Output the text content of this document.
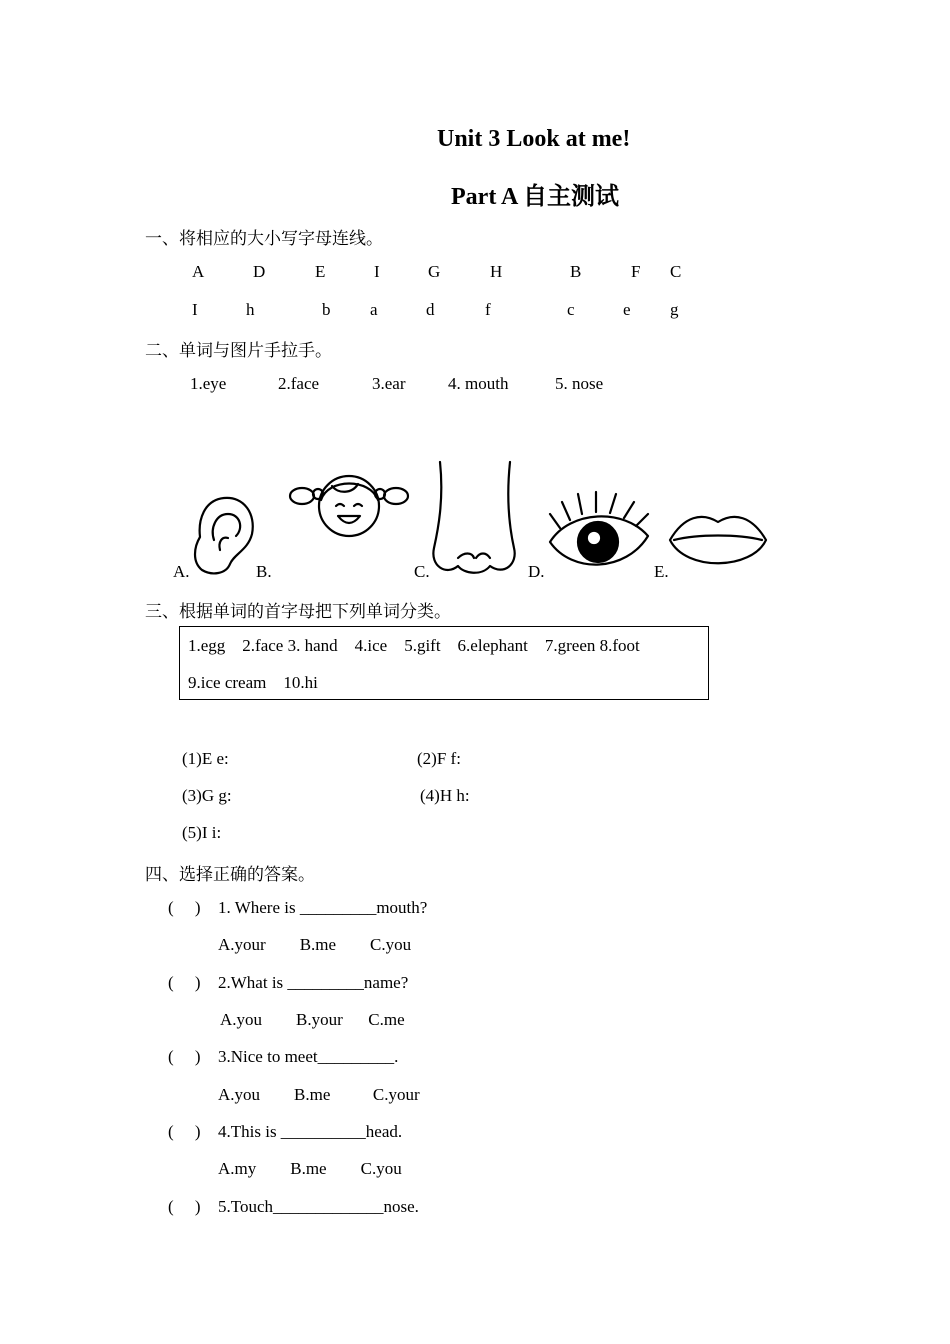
Unit 3 Look at me!
Part A 自主测试
一、将相应的大小写字母连线。
A	D	E	I	G	H	B	F C
I	h	b a	d	f	c	e g
二、单词与图片手拉手。
1.eye	2.face	3.ear 4. mouth	5. nose
A.	B.	C.	D.	E.
三、根据单词的首字母把下列单词分类。
1.egg    2.face 3. hand    4.ice    5.gift    6.elephant    7.green 8.foot
9.ice cream    10.hi
(1)E e:	(2)F f:
(3)G g:	(4)H h:
(5)I i:
四、选择正确的答案。
(     ) 1. Where is _________mouth?
A.your        B.me        C.you
(     ) 2.What is _________name?
A.you        B.your      C.me
(     ) 3.Nice to meet_________.
A.you        B.me          C.your
(     ) 4.This is __________head.
A.my        B.me        C.you
(     ) 5.Touch_____________nose.
